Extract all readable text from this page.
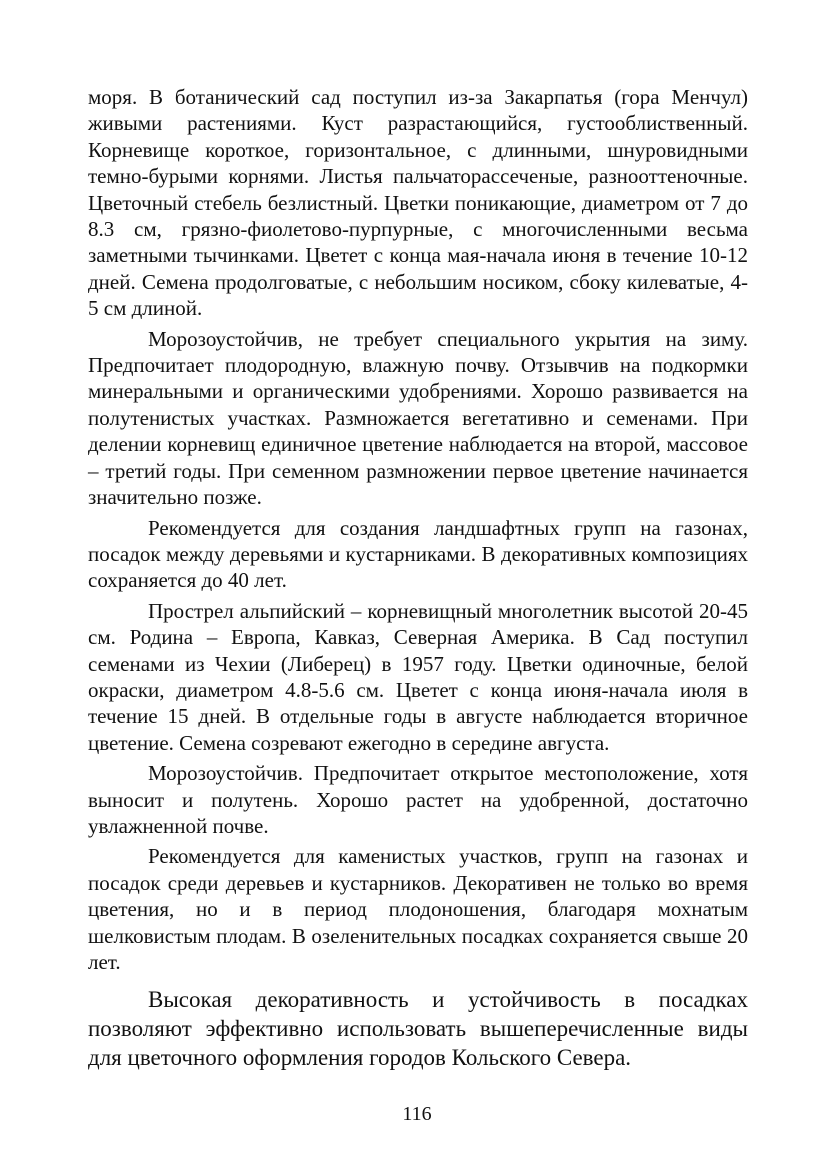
моря. В ботанический сад поступил из-за Закарпатья (гора Менчул) живыми растениями. Куст разрастающийся, густооблиственный. Корневище короткое, горизонтальное, с длинными, шнуровидными темно-бурыми корнями. Листья пальчаторассеченые, разнооттеночные. Цветочный стебель безлистный. Цветки поникающие, диаметром от 7 до 8.3 см, грязно-фиолетово-пурпурные, с многочисленными весьма заметными тычинками. Цветет с конца мая-начала июня в течение 10-12 дней. Семена продолговатые, с небольшим носиком, сбоку килеватые, 4-5 см длиной.

Морозоустойчив, не требует специального укрытия на зиму. Предпочитает плодородную, влажную почву. Отзывчив на подкормки минеральными и органическими удобрениями. Хорошо развивается на полутенистых участках. Размножается вегетативно и семенами. При делении корневищ единичное цветение наблюдается на второй, массовое – третий годы. При семенном размножении первое цветение начинается значительно позже.

Рекомендуется для создания ландшафтных групп на газонах, посадок между деревьями и кустарниками. В декоративных композициях сохраняется до 40 лет.

Прострел альпийский – корневищный многолетник высотой 20-45 см. Родина – Европа, Кавказ, Северная Америка. В Сад поступил семенами из Чехии (Либерец) в 1957 году. Цветки одиночные, белой окраски, диаметром 4.8-5.6 см. Цветет с конца июня-начала июля в течение 15 дней. В отдельные годы в августе наблюдается вторичное цветение. Семена созревают ежегодно в середине августа.

Морозоустойчив. Предпочитает открытое местоположение, хотя выносит и полутень. Хорошо растет на удобренной, достаточно увлажненной почве.

Рекомендуется для каменистых участков, групп на газонах и посадок среди деревьев и кустарников. Декоративен не только во время цветения, но и в период плодоношения, благодаря мохнатым шелковистым плодам. В озеленительных посадках сохраняется свыше 20 лет.

Высокая декоративность и устойчивость в посадках позволяют эффективно использовать вышеперечисленные виды для цветочного оформления городов Кольского Севера.

116
